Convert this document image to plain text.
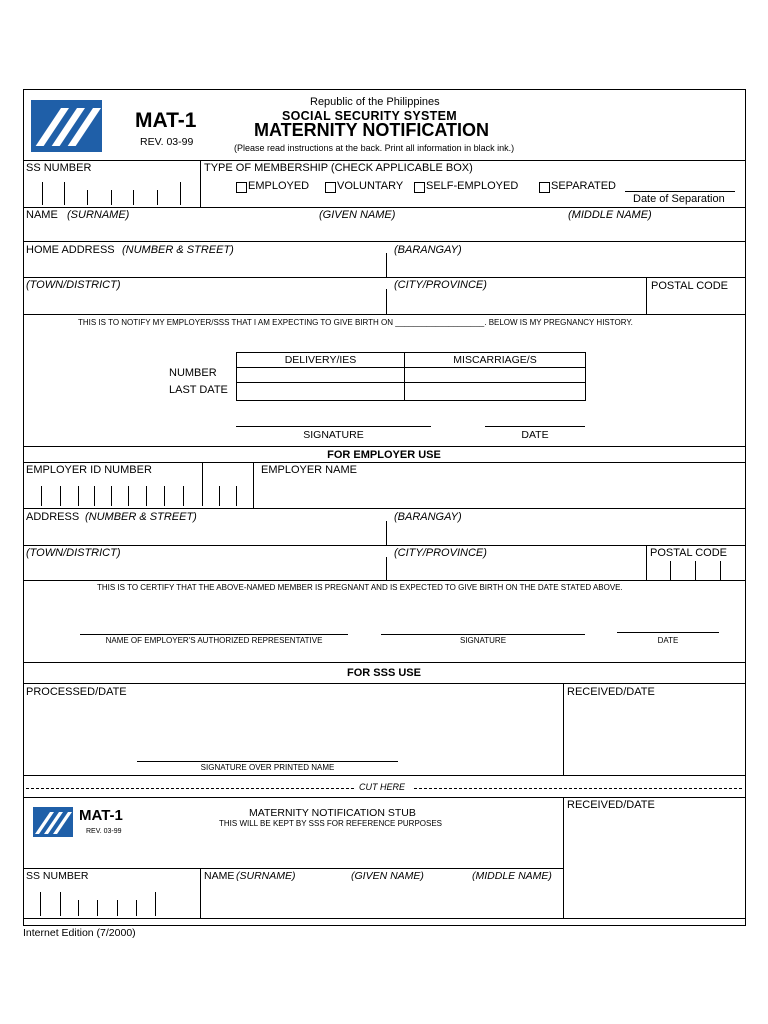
MAT-1
REV. 03-99
Republic of the Philippines
SOCIAL SECURITY SYSTEM
MATERNITY NOTIFICATION
(Please read instructions at the back. Print all information in black ink.)
SS NUMBER	TYPE OF MEMBERSHIP (CHECK APPLICABLE BOX)
EMPLOYED	VOLUNTARY SELF-EMPLOYED	SEPARATED
Date of Separation
NAME (SURNAME)	(GIVEN NAME)	(MIDDLE NAME)
HOME ADDRESS (NUMBER & STREET)	(BARANGAY)
(TOWN/DISTRICT)	(CITY/PROVINCE)	POSTAL CODE
THIS IS TO NOTIFY MY EMPLOYER/SSS THAT I AM EXPECTING TO GIVE BIRTH ON ____________________. BELOW IS MY PREGNANCY HISTORY.
DELIVERY/IES	MISCARRIAGE/S
NUMBER
LAST DATE
SIGNATURE	DATE
FOR EMPLOYER USE
EMPLOYER ID NUMBER	EMPLOYER NAME
ADDRESS (NUMBER & STREET)	(BARANGAY)
(TOWN/DISTRICT)	(CITY/PROVINCE)	POSTAL CODE
THIS IS TO CERTIFY THAT THE ABOVE-NAMED MEMBER IS PREGNANT AND IS EXPECTED TO GIVE BIRTH ON THE DATE STATED ABOVE.
NAME OF EMPLOYER'S AUTHORIZED REPRESENTATIVE	SIGNATURE	DATE
FOR SSS USE
PROCESSED/DATE	RECEIVED/DATE
SIGNATURE OVER PRINTED NAME
CUT HERE
MAT-1
REV. 03-99
MATERNITY NOTIFICATION STUB
THIS WILL BE KEPT BY SSS FOR REFERENCE PURPOSES
RECEIVED/DATE
SS NUMBER	NAME (SURNAME)	(GIVEN NAME)	(MIDDLE NAME)
Internet Edition (7/2000)
